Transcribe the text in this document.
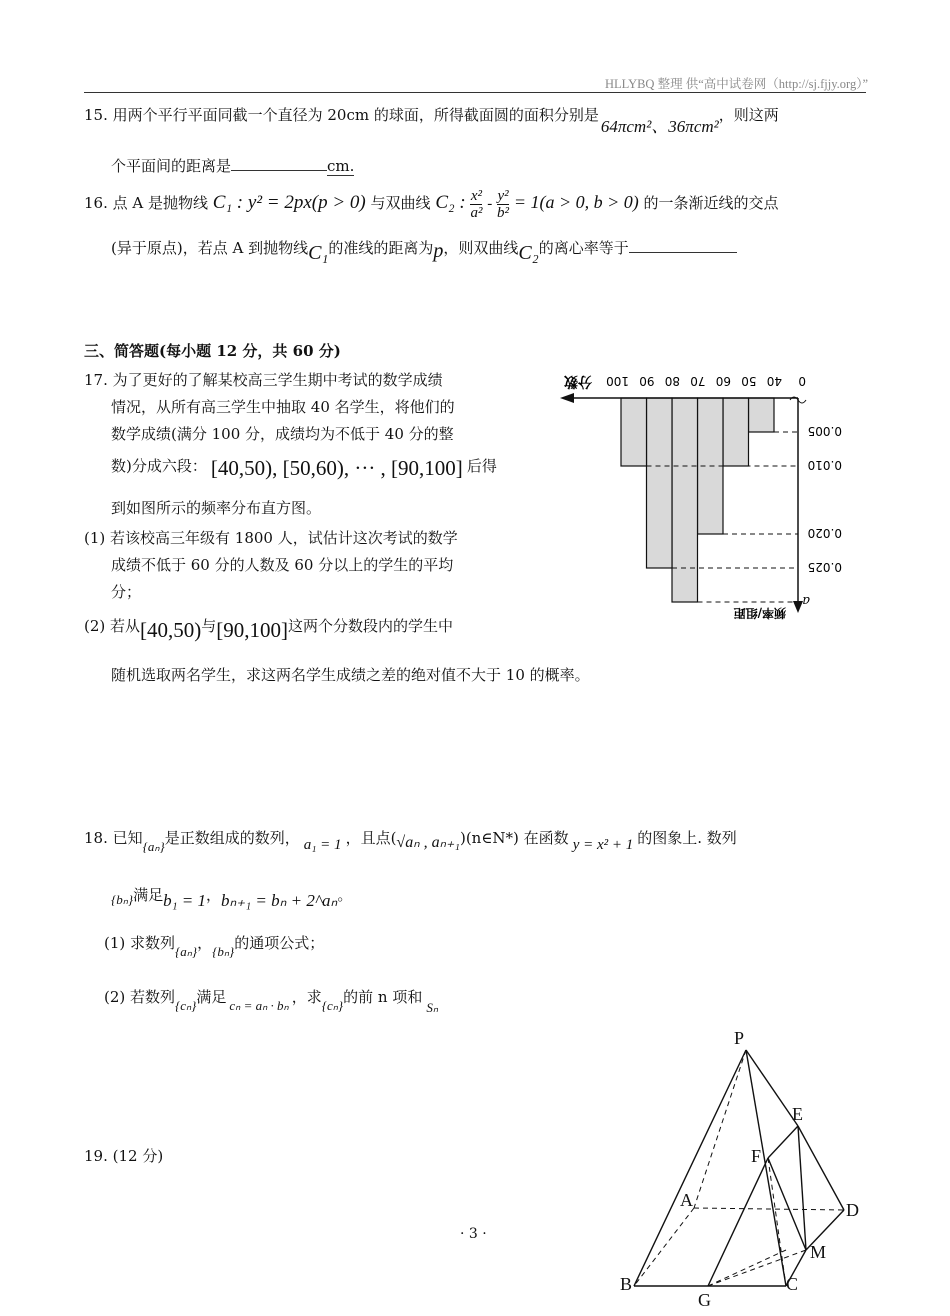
HLLYBQ 整理 供“高中试卷网（http://sj.fjjy.org）”
15. 用两个平行平面同截一个直径为 20cm 的球面，所得截面圆的面积分别是64πcm²、36πcm²，则这两
个平面间的距离是	cm.
16. 点 A 是抛物线 C₁ : y² = 2px(p > 0) 与双曲线 C₂ : $\frac{\text{x²}}{\text{a²}} - \frac{\text{y²}}{\text{b²}} = 1(a > 0$, b > 0) 的一条渐近线的交点
(异于原点)，若点 A 到抛物线C₁的准线的距离为p，则双曲线C₂的离心率等于
三、简答题(每小题 12 分，共 60 分)
17. 为了更好的了解某校高三学生期中考试的数学成绩
情况，从所有高三学生中抽取 40 名学生，将他们的
数学成绩(满分 100 分，成绩均为不低于 40 分的整
数)分成六段： [40,50), [50,60), ··· , [90,100] 后得
到如图所示的频率分布直方图。
(1) 若该校高三年级有 1800 人，试估计这次考试的数学
成绩不低于 60 分的人数及 60 分以上的学生的平均
分；
(2) 若从[40,50)与[90,100]这两个分数段内的学生中
随机选取两名学生，求这两名学生成绩之差的绝对值不大于 10 的概率。
100 90 80 70 60 50 40 0
0.005
0.010
0.020
0.025
a
分数
频率/组距
18. 已知{aₙ}是正数组成的数列， a₁ = 1 ，且点(√aₙ , aₙ₊₁)(n∈N*) 在函数 y = x² + 1 的图象上. 数列
{bₙ}满足b₁ = 1，bₙ₊₁ = bₙ + 2^aₙ。
(1) 求数列{aₙ}，{bₙ}的通项公式；
(2) 若数列{cₙ}满足 cₙ = aₙ · bₙ ，求{cₙ}的前 n 项和Sₙ
19. (12 分)
P
E
F
A	D
M
B
G
C
· 3 ·
